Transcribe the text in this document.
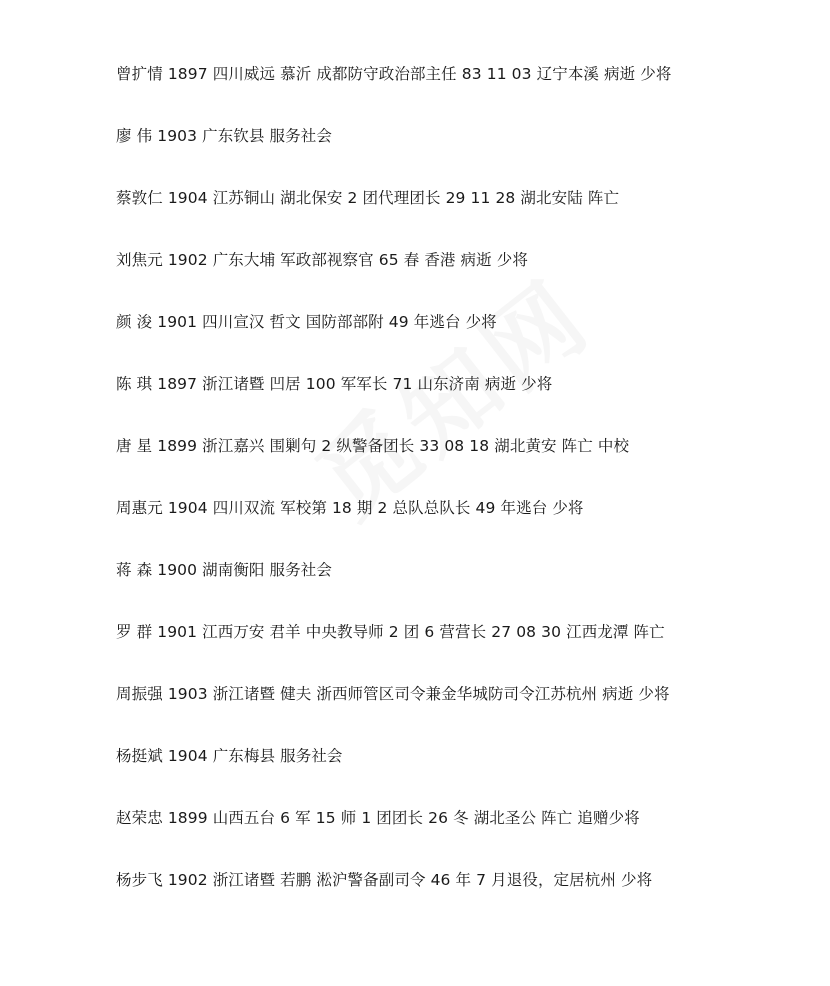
曾扩情 1897 四川威远 慕沂 成都防守政治部主任 83 11 03 辽宁本溪 病逝 少将
廖 伟 1903 广东钦县 服务社会
蔡敦仁 1904 江苏铜山 湖北保安 2 团代理团长 29 11 28 湖北安陆 阵亡
刘焦元 1902 广东大埔 军政部视察官 65 春 香港 病逝 少将
颜 浚 1901 四川宣汉 哲文 国防部部附 49 年逃台 少将
陈 琪 1897 浙江诸暨 凹居 100 军军长 71 山东济南 病逝 少将
唐 星 1899 浙江嘉兴 围剿句 2 纵警备团长 33 08 18 湖北黄安 阵亡 中校
周惠元 1904 四川双流 军校第 18 期 2 总队总队长 49 年逃台 少将
蒋 森 1900 湖南衡阳 服务社会
罗 群 1901 江西万安 君羊 中央教导师 2 团 6 营营长 27 08 30 江西龙潭 阵亡
周振强 1903 浙江诸暨 健夫 浙西师管区司令兼金华城防司令江苏杭州 病逝 少将
杨挺斌 1904 广东梅县 服务社会
赵荣忠 1899 山西五台 6 军 15 师 1 团团长 26 冬 湖北圣公 阵亡 追赠少将
杨步飞 1902 浙江诸暨 若鹏 淞沪警备副司令 46 年 7 月退役，定居杭州 少将
